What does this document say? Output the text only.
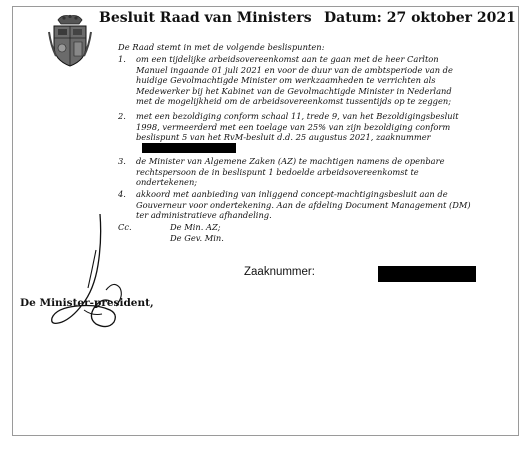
Besluit Raad van Ministers Datum: 27 oktober 2021
De Raad stemt in met de volgende beslispunten:
1. om een tijdelijke arbeidsovereenkomst aan te gaan met de heer Carlton
Manuel ingaande 01 juli 2021 en voor de duur van de ambtsperiode van de
huidige Gevolmachtigde Minister om werkzaamheden te verrichten als
Medewerker bij het Kabinet van de Gevolmachtigde Minister in Nederland
met de mogelijkheid om de arbeidsovereenkomst tussentijds op te zeggen;
2. met een bezoldiging conform schaal 11, trede 9, van het Bezoldigingsbesluit
1998, vermeerderd met een toelage van 25% van zijn bezoldiging conform
beslispunt 5 van het RvM-besluit d.d. 25 augustus 2021, zaaknummer
3. de Minister van Algemene Zaken (AZ) te machtigen namens de openbare
rechtspersoon de in beslispunt 1 bedoelde arbeidsovereenkomst te
ondertekenen;
4. akkoord met aanbieding van inliggend concept-machtigingsbesluit aan de
Gouverneur voor ondertekening. Aan de afdeling Document Management (DM)
ter administratieve afhandeling.
Cc.	De Min. AZ;
De Gev. Min.
Zaaknummer:
De Minister-president,
